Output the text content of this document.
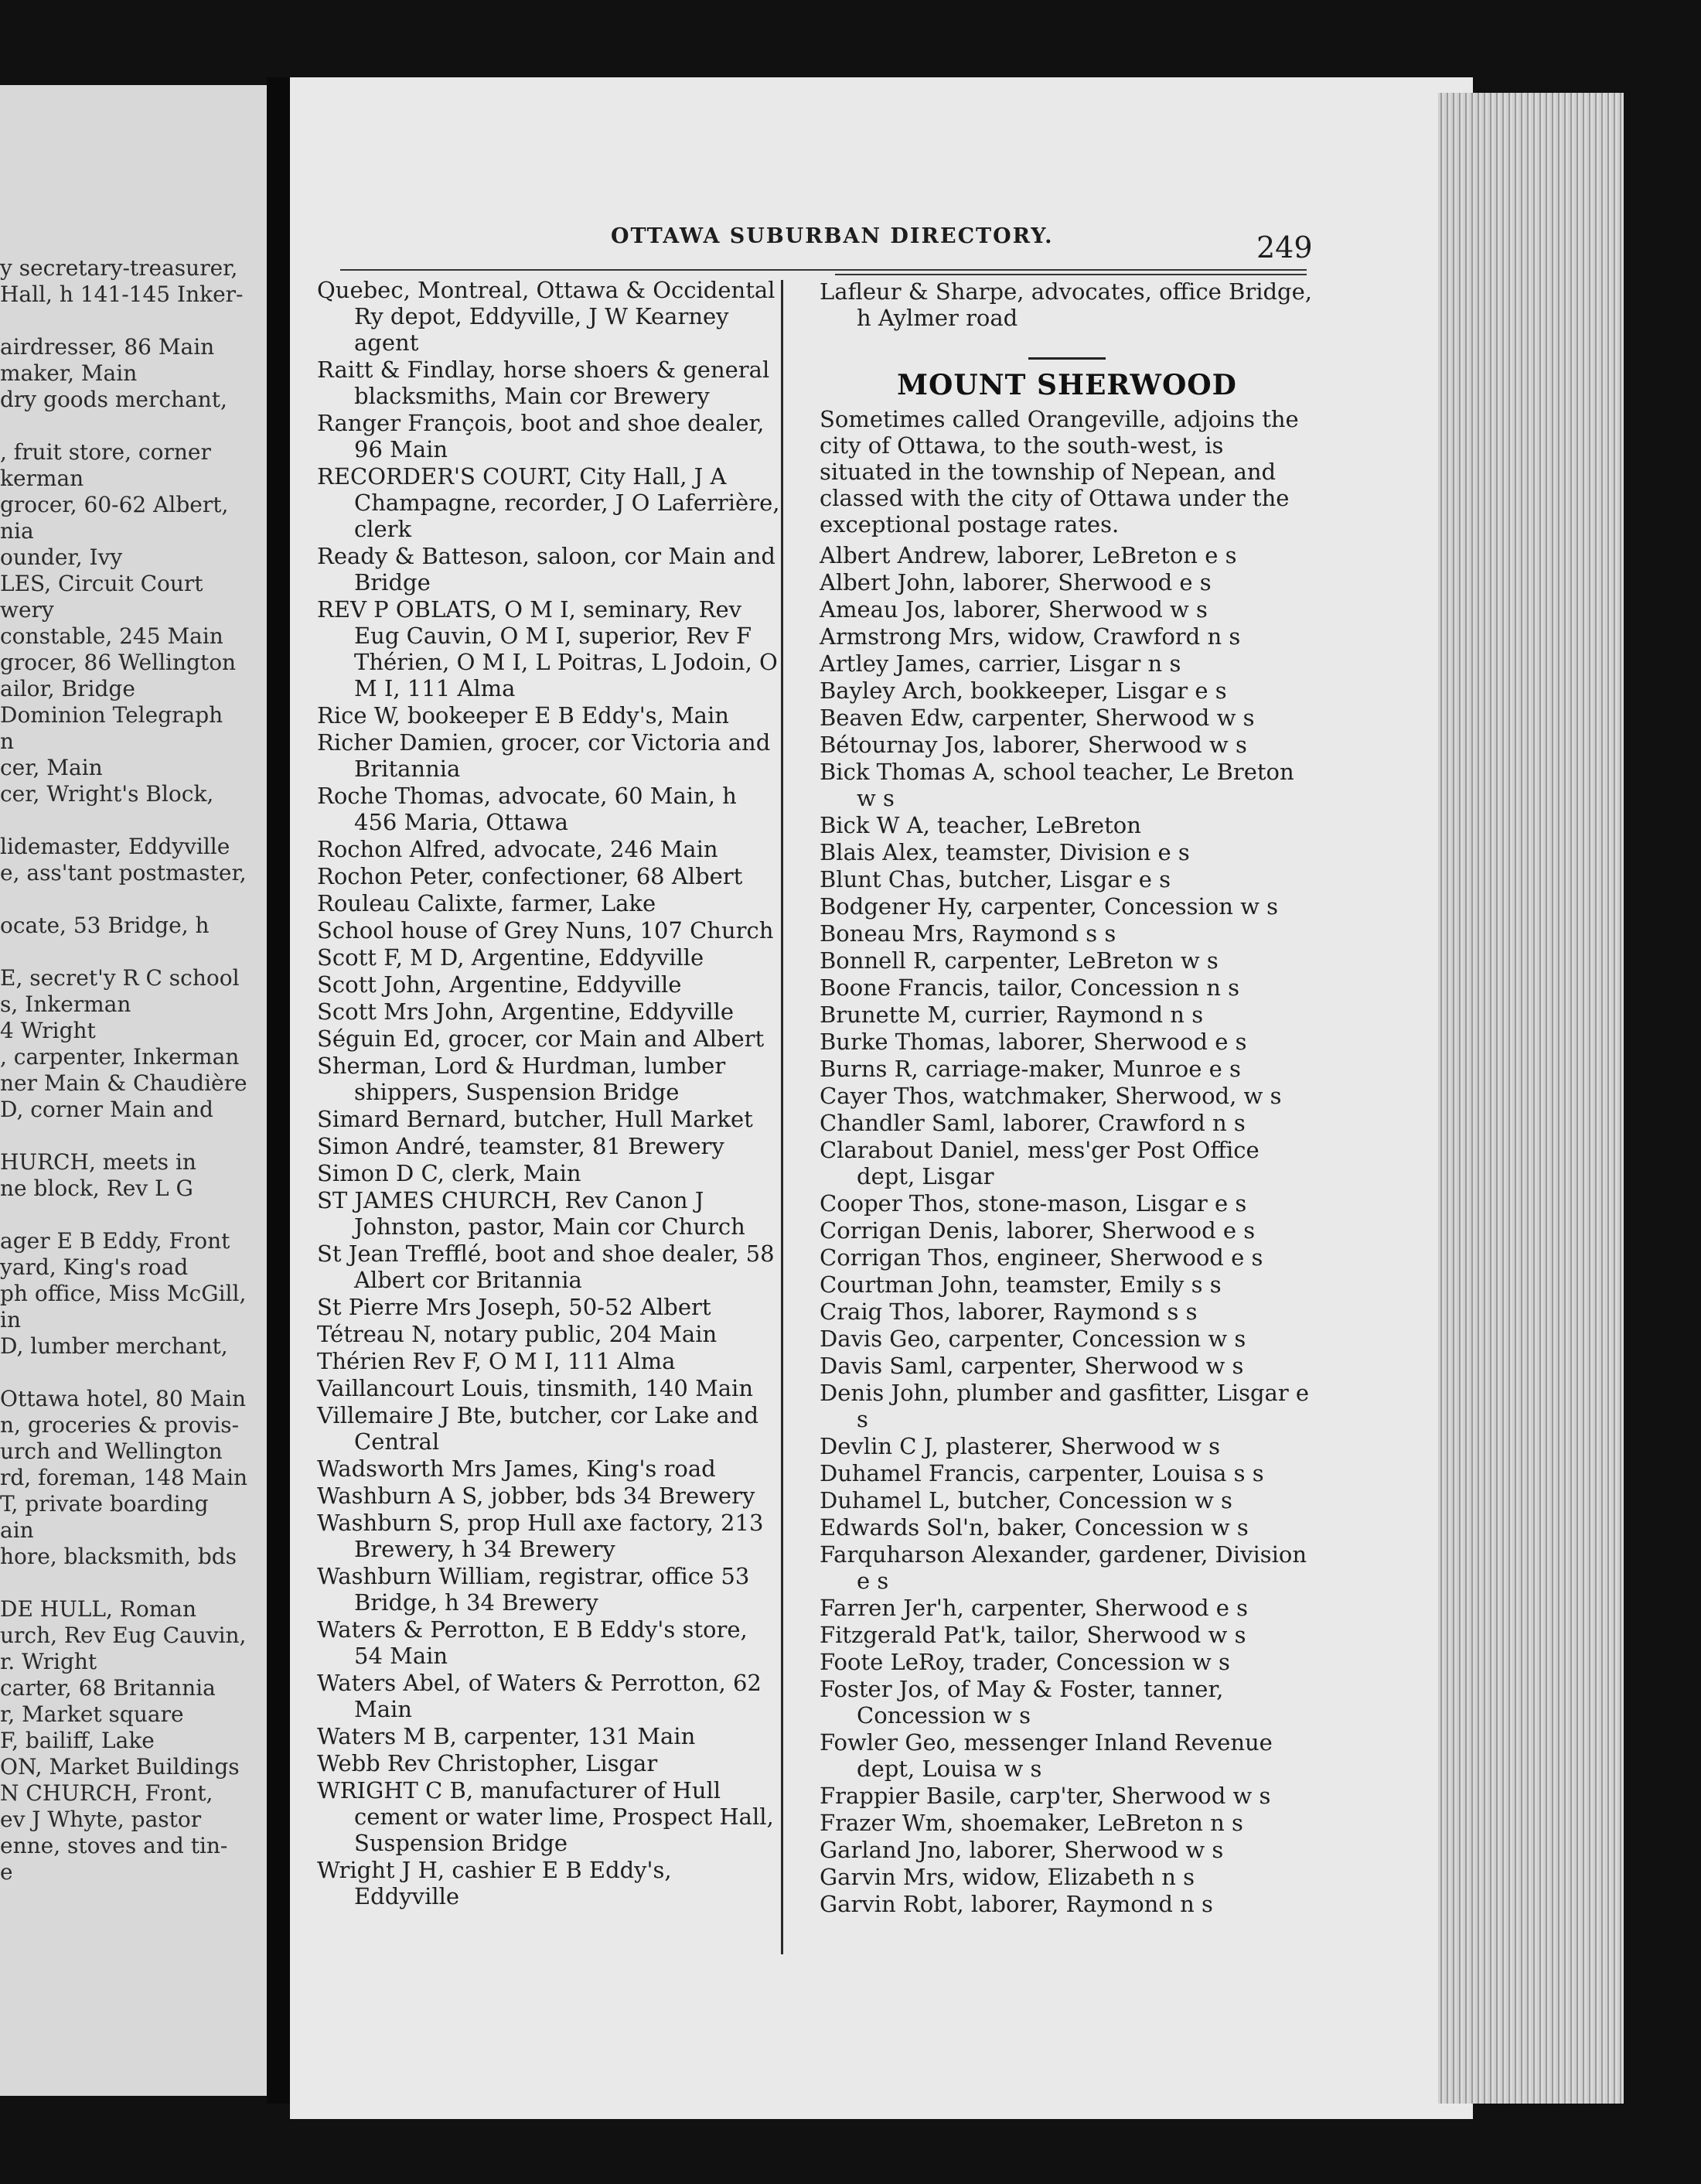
y secretary-treasurer,
Hall, h 141-145 Inker-
airdresser, 86 Main
maker, Main
dry goods merchant,
, fruit store, corner
kerman
grocer, 60-62 Albert,
nia
ounder, Ivy
LES, Circuit Court
wery
constable, 245 Main
grocer, 86 Wellington
ailor, Bridge
Dominion Telegraph
n
cer, Main
cer, Wright's Block,
lidemaster, Eddyville
e, ass'tant postmaster,
ocate, 53 Bridge, h
E, secret'y R C school
s, Inkerman
4 Wright
, carpenter, Inkerman
ner Main & Chaudière
D, corner Main and
HURCH, meets in
ne block, Rev L G
ager E B Eddy, Front
yard, King's road
ph office, Miss McGill,
in
D, lumber merchant,
Ottawa hotel, 80 Main
n, groceries & provis-
urch and Wellington
rd, foreman, 148 Main
T, private boarding
ain
hore, blacksmith, bds
DE HULL, Roman
urch, Rev Eug Cauvin,
r. Wright
carter, 68 Britannia
r, Market square
F, bailiff, Lake
ON, Market Buildings
N CHURCH, Front,
ev J Whyte, pastor
enne, stoves and tin-
e
OTTAWA SUBURBAN DIRECTORY.	249
Quebec, Montreal, Ottawa & Occidental Ry depot, Eddyville, J W Kearney agent
Raitt & Findlay, horse shoers & general blacksmiths, Main cor Brewery
Ranger François, boot and shoe dealer, 96 Main
RECORDER'S COURT, City Hall, J A Champagne, recorder, J O Laferrière, clerk
Ready & Batteson, saloon, cor Main and Bridge
REV P OBLATS, O M I, seminary, Rev Eug Cauvin, O M I, superior, Rev F Thérien, O M I, L Poitras, L Jodoin, O M I, 111 Alma
Rice W, bookeeper E B Eddy's, Main
Richer Damien, grocer, cor Victoria and Britannia
Roche Thomas, advocate, 60 Main, h 456 Maria, Ottawa
Rochon Alfred, advocate, 246 Main
Rochon Peter, confectioner, 68 Albert
Rouleau Calixte, farmer, Lake
School house of Grey Nuns, 107 Church
Scott F, M D, Argentine, Eddyville
Scott John, Argentine, Eddyville
Scott Mrs John, Argentine, Eddyville
Séguin Ed, grocer, cor Main and Albert
Sherman, Lord & Hurdman, lumber shippers, Suspension Bridge
Simard Bernard, butcher, Hull Market
Simon André, teamster, 81 Brewery
Simon D C, clerk, Main
ST JAMES CHURCH, Rev Canon J Johnston, pastor, Main cor Church
St Jean Trefflé, boot and shoe dealer, 58 Albert cor Britannia
St Pierre Mrs Joseph, 50-52 Albert
Tétreau N, notary public, 204 Main
Thérien Rev F, O M I, 111 Alma
Vaillancourt Louis, tinsmith, 140 Main
Villemaire J Bte, butcher, cor Lake and Central
Wadsworth Mrs James, King's road
Washburn A S, jobber, bds 34 Brewery
Washburn S, prop Hull axe factory, 213 Brewery, h 34 Brewery
Washburn William, registrar, office 53 Bridge, h 34 Brewery
Waters & Perrotton, E B Eddy's store, 54 Main
Waters Abel, of Waters & Perrotton, 62 Main
Waters M B, carpenter, 131 Main
Webb Rev Christopher, Lisgar
WRIGHT C B, manufacturer of Hull cement or water lime, Prospect Hall, Suspension Bridge
Wright J H, cashier E B Eddy's, Eddyville
Lafleur & Sharpe, advocates, office Bridge, h Aylmer road
MOUNT SHERWOOD
Sometimes called Orangeville, adjoins the city of Ottawa, to the south-west, is situated in the township of Nepean, and classed with the city of Ottawa under the exceptional postage rates.
Albert Andrew, laborer, LeBreton e s
Albert John, laborer, Sherwood e s
Ameau Jos, laborer, Sherwood w s
Armstrong Mrs, widow, Crawford n s
Artley James, carrier, Lisgar n s
Bayley Arch, bookkeeper, Lisgar e s
Beaven Edw, carpenter, Sherwood w s
Bétournay Jos, laborer, Sherwood w s
Bick Thomas A, school teacher, Le Breton w s
Bick W A, teacher, LeBreton
Blais Alex, teamster, Division e s
Blunt Chas, butcher, Lisgar e s
Bodgener Hy, carpenter, Concession w s
Boneau Mrs, Raymond s s
Bonnell R, carpenter, LeBreton w s
Boone Francis, tailor, Concession n s
Brunette M, currier, Raymond n s
Burke Thomas, laborer, Sherwood e s
Burns R, carriage-maker, Munroe e s
Cayer Thos, watchmaker, Sherwood, w s
Chandler Saml, laborer, Crawford n s
Clarabout Daniel, mess'ger Post Office dept, Lisgar
Cooper Thos, stone-mason, Lisgar e s
Corrigan Denis, laborer, Sherwood e s
Corrigan Thos, engineer, Sherwood e s
Courtman John, teamster, Emily s s
Craig Thos, laborer, Raymond s s
Davis Geo, carpenter, Concession w s
Davis Saml, carpenter, Sherwood w s
Denis John, plumber and gasfitter, Lisgar e s
Devlin C J, plasterer, Sherwood w s
Duhamel Francis, carpenter, Louisa s s
Duhamel L, butcher, Concession w s
Edwards Sol'n, baker, Concession w s
Farquharson Alexander, gardener, Division e s
Farren Jer'h, carpenter, Sherwood e s
Fitzgerald Pat'k, tailor, Sherwood w s
Foote LeRoy, trader, Concession w s
Foster Jos, of May & Foster, tanner, Concession w s
Fowler Geo, messenger Inland Revenue dept, Louisa w s
Frappier Basile, carp'ter, Sherwood w s
Frazer Wm, shoemaker, LeBreton n s
Garland Jno, laborer, Sherwood w s
Garvin Mrs, widow, Elizabeth n s
Garvin Robt, laborer, Raymond n s
